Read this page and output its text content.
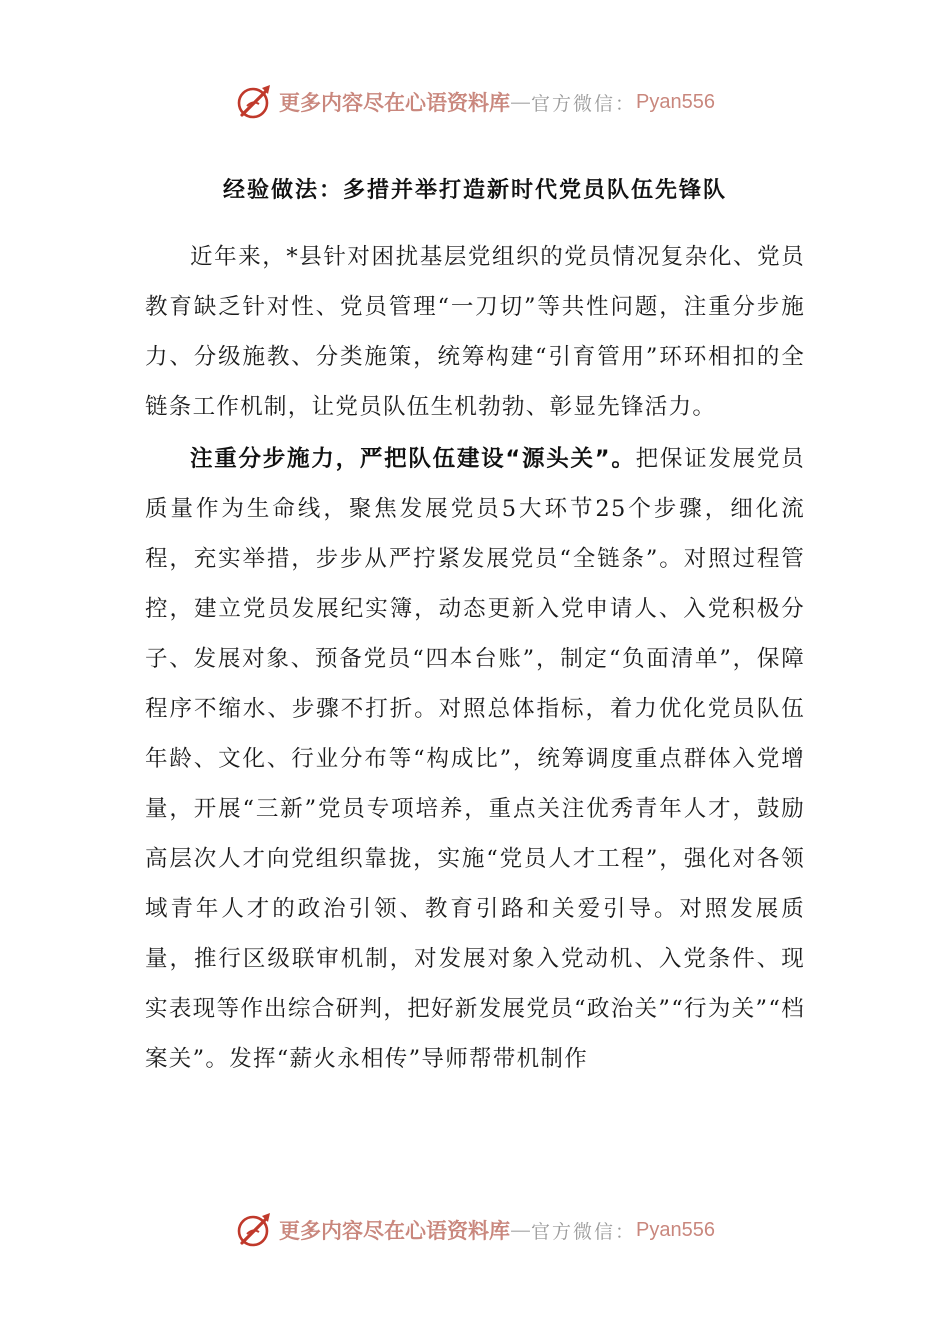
更多内容尽在心语资料库 — 官方微信： Pyan556
经验做法：多措并举打造新时代党员队伍先锋队

近年来，*县针对困扰基层党组织的党员情况复杂化、党员教育缺乏针对性、党员管理“一刀切”等共性问题，注重分步施力、分级施教、分类施策，统筹构建“引育管用”环环相扣的全链条工作机制，让党员队伍生机勃勃、彰显先锋活力。

注重分步施力，严把队伍建设“源头关”。把保证发展党员质量作为生命线，聚焦发展党员5大环节25个步骤，细化流程，充实举措，步步从严拧紧发展党员“全链条”。对照过程管控，建立党员发展纪实簿，动态更新入党申请人、入党积极分子、发展对象、预备党员“四本台账”，制定“负面清单”，保障程序不缩水、步骤不打折。对照总体指标，着力优化党员队伍年龄、文化、行业分布等“构成比”，统筹调度重点群体入党增量，开展“三新”党员专项培养，重点关注优秀青年人才，鼓励高层次人才向党组织靠拢，实施“党员人才工程”，强化对各领域青年人才的政治引领、教育引路和关爱引导。对照发展质量，推行区级联审机制，对发展对象入党动机、入党条件、现实表现等作出综合研判，把好新发展党员“政治关”“行为关”“档案关”。发挥“薪火永相传”导师帮带机制作

更多内容尽在心语资料库 — 官方微信： Pyan556
